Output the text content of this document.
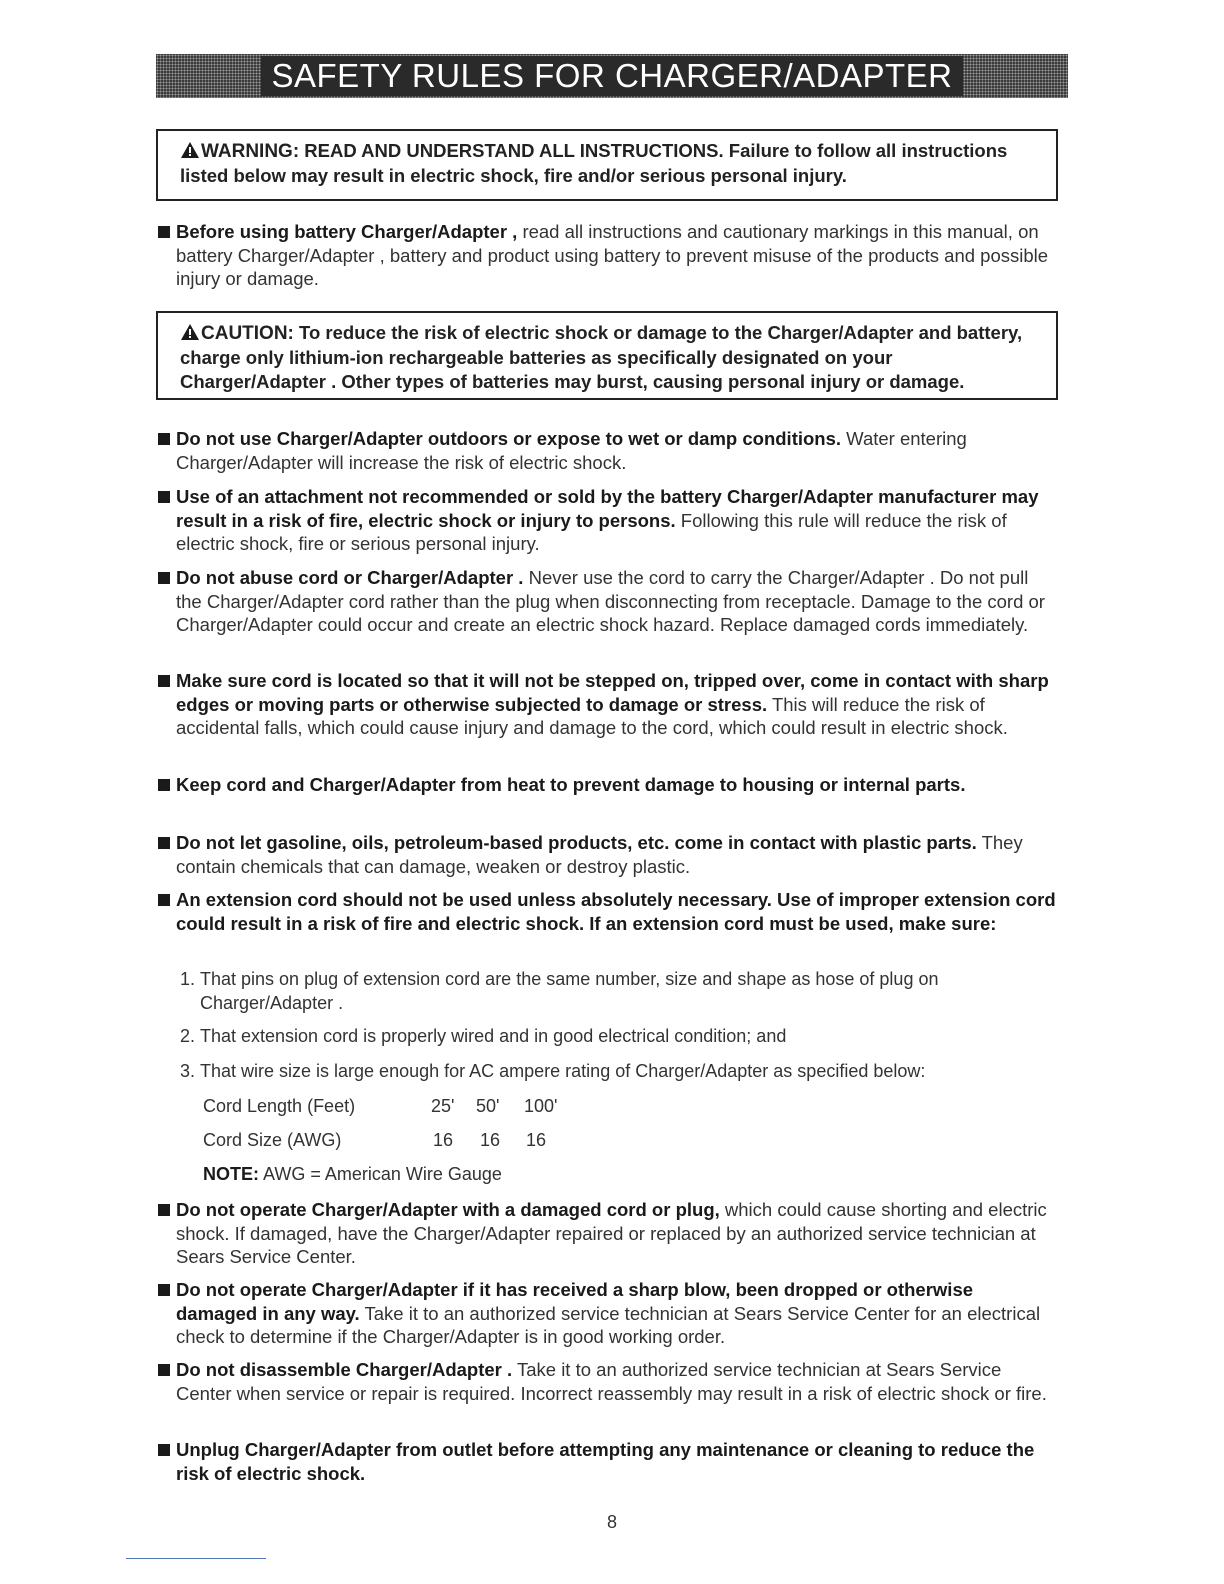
SAFETY RULES FOR CHARGER/ADAPTER
WARNING: READ AND UNDERSTAND ALL INSTRUCTIONS. Failure to follow all instructions listed below may result in electric shock, fire and/or serious personal injury.
Before using battery Charger/Adapter , read all instructions and cautionary markings in this manual, on battery Charger/Adapter , battery and product using battery to prevent misuse of the products and possible injury or damage.
CAUTION: To reduce the risk of electric shock or damage to the Charger/Adapter and battery, charge only lithium-ion rechargeable batteries as specifically designated on your Charger/Adapter . Other types of batteries may burst, causing personal injury or damage.
Do not use Charger/Adapter outdoors or expose to wet or damp conditions. Water entering Charger/Adapter will increase the risk of electric shock.
Use of an attachment not recommended or sold by the battery Charger/Adapter manufacturer may result in a risk of fire, electric shock or injury to persons. Following this rule will reduce the risk of electric shock, fire or serious personal injury.
Do not abuse cord or Charger/Adapter . Never use the cord to carry the Charger/Adapter . Do not pull the Charger/Adapter cord rather than the plug when disconnecting from receptacle. Damage to the cord or Charger/Adapter could occur and create an electric shock hazard. Replace damaged cords immediately.
Make sure cord is located so that it will not be stepped on, tripped over, come in contact with sharp edges or moving parts or otherwise subjected to damage or stress. This will reduce the risk of accidental falls, which could cause injury and damage to the cord, which could result in electric shock.
Keep cord and Charger/Adapter from heat to prevent damage to housing or internal parts.
Do not let gasoline, oils, petroleum-based products, etc. come in contact with plastic parts. They contain chemicals that can damage, weaken or destroy plastic.
An extension cord should not be used unless absolutely necessary. Use of improper extension cord could result in a risk of fire and electric shock. If an extension cord must be used, make sure:
1. That pins on plug of extension cord are the same number, size and shape as hose of plug on Charger/Adapter .
2. That extension cord is properly wired and in good electrical condition; and
3. That wire size is large enough for AC ampere rating of Charger/Adapter as specified below:
Cord Length (Feet)	25' 50' 100'
Cord Size (AWG)	16 16 16
NOTE: AWG = American Wire Gauge
Do not operate Charger/Adapter with a damaged cord or plug, which could cause shorting and electric shock. If damaged, have the Charger/Adapter repaired or replaced by an authorized service technician at Sears Service Center.
Do not operate Charger/Adapter if it has received a sharp blow, been dropped or otherwise damaged in any way. Take it to an authorized service technician at Sears Service Center for an electrical check to determine if the Charger/Adapter is in good working order.
Do not disassemble Charger/Adapter . Take it to an authorized service technician at Sears Service Center when service or repair is required. Incorrect reassembly may result in a risk of electric shock or fire.
Unplug Charger/Adapter from outlet before attempting any maintenance or cleaning to reduce the risk of electric shock.
8
